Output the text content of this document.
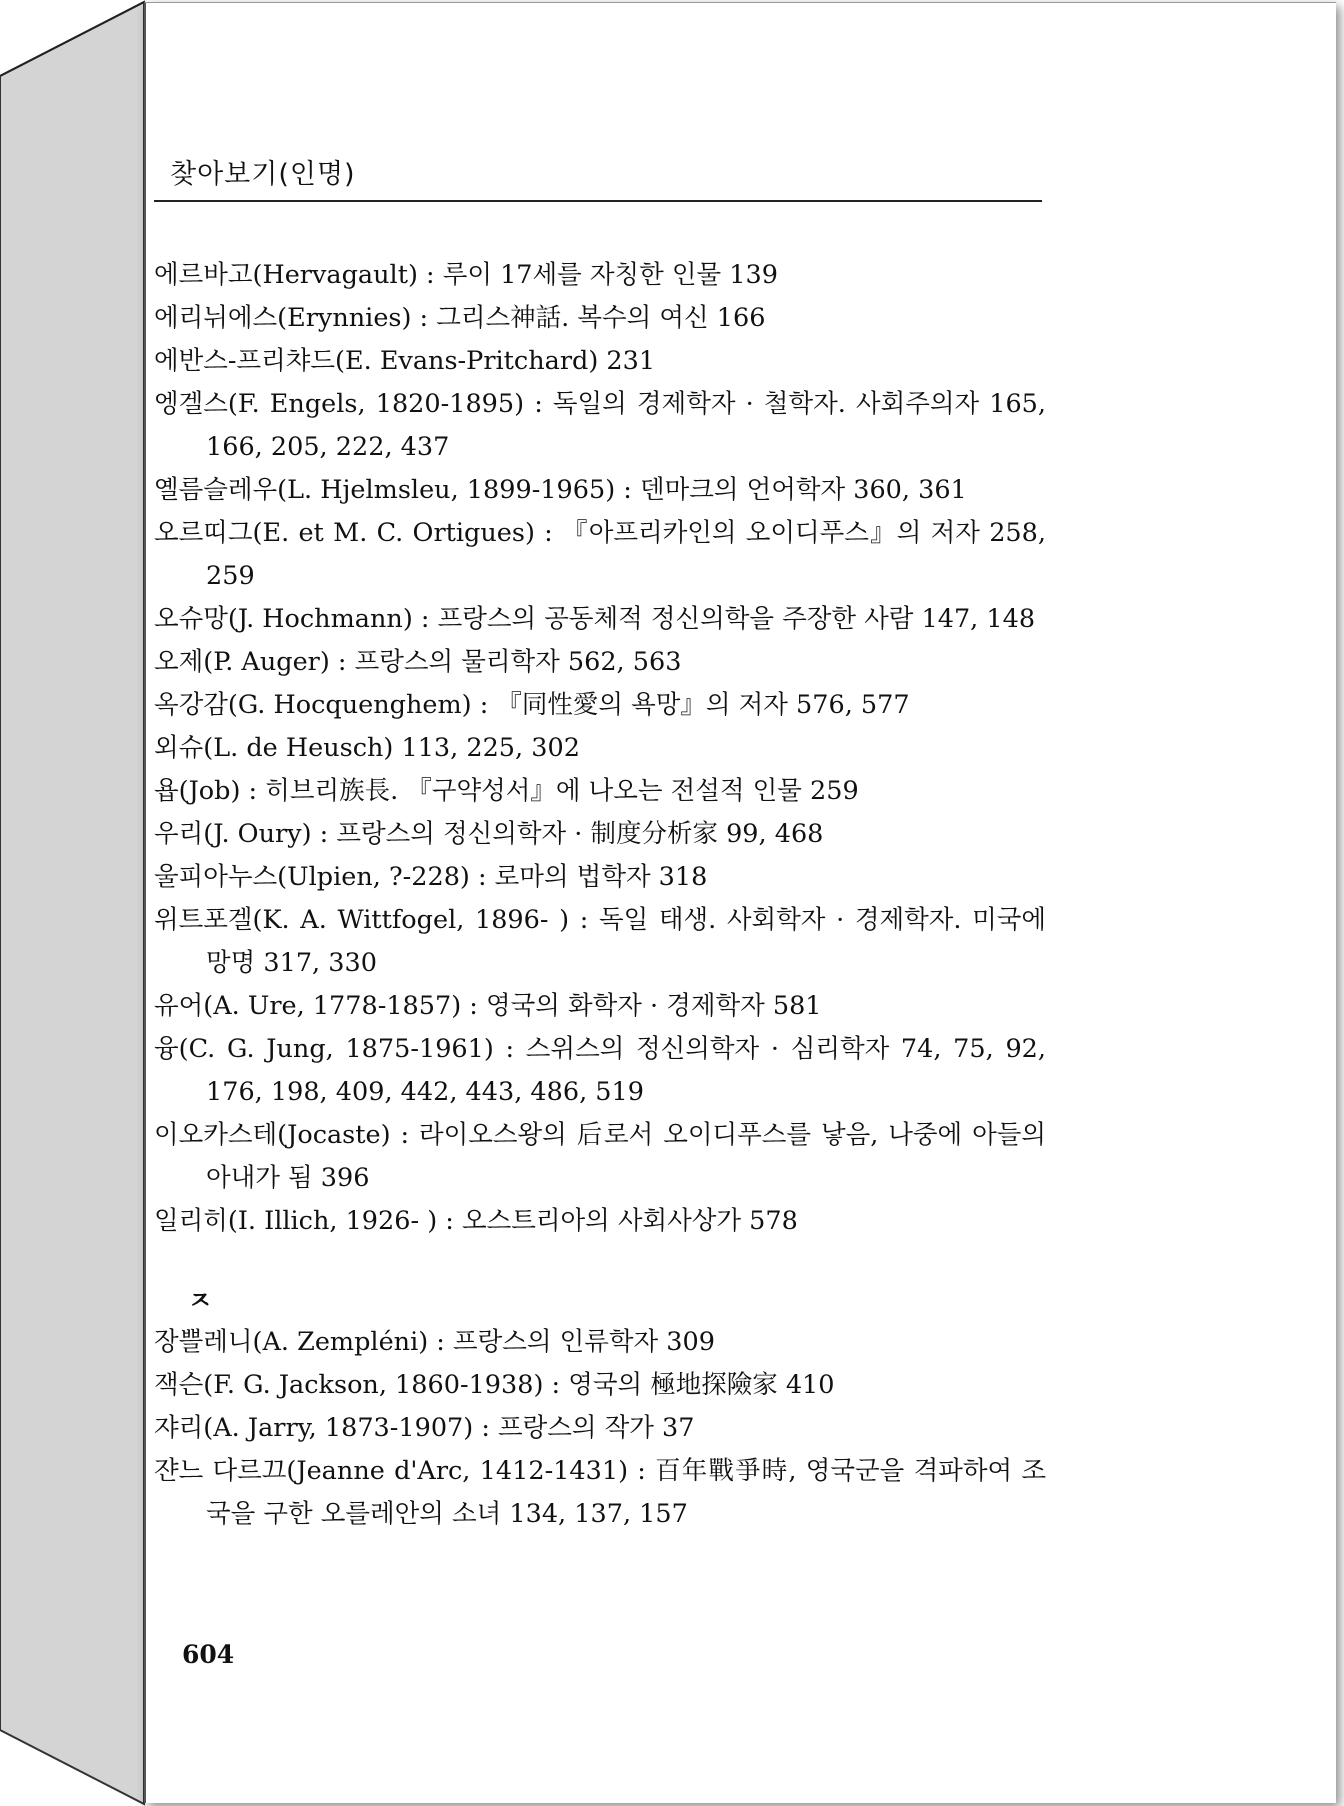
찾아보기(인명)
에르바고(Hervagault) : 루이 17세를 자칭한 인물 139
에리뉘에스(Erynnies) : 그리스神話. 복수의 여신 166
에반스-프리챠드(E. Evans-Pritchard) 231
엥겔스(F. Engels, 1820-1895) : 독일의 경제학자 · 철학자. 사회주의자 165, 166, 205, 222, 437
옐름슬레우(L. Hjelmsleu, 1899-1965) : 덴마크의 언어학자 360, 361
오르띠그(E. et M. C. Ortigues) : 『아프리카인의 오이디푸스』의 저자 258, 259
오슈망(J. Hochmann) : 프랑스의 공동체적 정신의학을 주장한 사람 147, 148
오제(P. Auger) : 프랑스의 물리학자 562, 563
옥강감(G. Hocquenghem) : 『同性愛의 욕망』의 저자 576, 577
외슈(L. de Heusch) 113, 225, 302
욥(Job) : 히브리族長. 『구약성서』에 나오는 전설적 인물 259
우리(J. Oury) : 프랑스의 정신의학자 · 制度分析家 99, 468
울피아누스(Ulpien, ?-228) : 로마의 법학자 318
위트포겔(K. A. Wittfogel, 1896- ) : 독일 태생. 사회학자 · 경제학자. 미국에 망명 317, 330
유어(A. Ure, 1778-1857) : 영국의 화학자 · 경제학자 581
융(C. G. Jung, 1875-1961) : 스위스의 정신의학자 · 심리학자 74, 75, 92, 176, 198, 409, 442, 443, 486, 519
이오카스테(Jocaste) : 라이오스왕의 后로서 오이디푸스를 낳음, 나중에 아들의 아내가 됨 396
일리히(I. Illich, 1926- ) : 오스트리아의 사회사상가 578
ㅈ
장쁠레니(A. Zempléni) : 프랑스의 인류학자 309
잭슨(F. G. Jackson, 1860-1938) : 영국의 極地探險家 410
쟈리(A. Jarry, 1873-1907) : 프랑스의 작가 37
쟌느 다르끄(Jeanne d'Arc, 1412-1431) : 百年戰爭時, 영국군을 격파하여 조국을 구한 오를레안의 소녀 134, 137, 157
604
